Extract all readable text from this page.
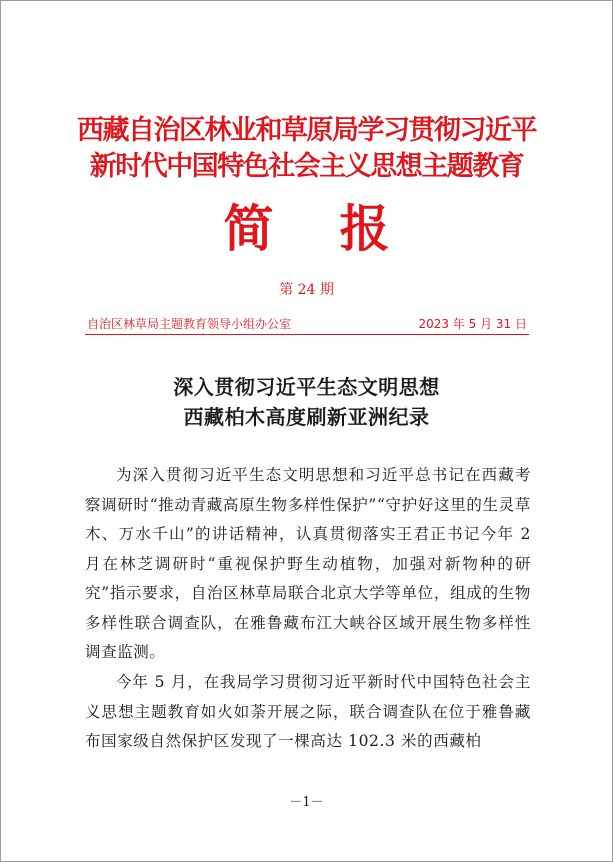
西藏自治区林业和草原局学习贯彻习近平
新时代中国特色社会主义思想主题教育
简 报
第 24 期
自治区林草局主题教育领导小组办公室	2023 年 5 月 31 日
深入贯彻习近平生态文明思想
西藏柏木高度刷新亚洲纪录
为深入贯彻习近平生态文明思想和习近平总书记在西藏考察调研时“推动青藏高原生物多样性保护”“守护好这里的生灵草木、万水千山”的讲话精神，认真贯彻落实王君正书记今年 2 月在林芝调研时“重视保护野生动植物，加强对新物种的研究”指示要求，自治区林草局联合北京大学等单位，组成的生物多样性联合调查队，在雅鲁藏布江大峡谷区域开展生物多样性调查监测。
今年 5 月，在我局学习贯彻习近平新时代中国特色社会主义思想主题教育如火如荼开展之际，联合调查队在位于雅鲁藏布国家级自然保护区发现了一棵高达 102.3 米的西藏柏
－1－
